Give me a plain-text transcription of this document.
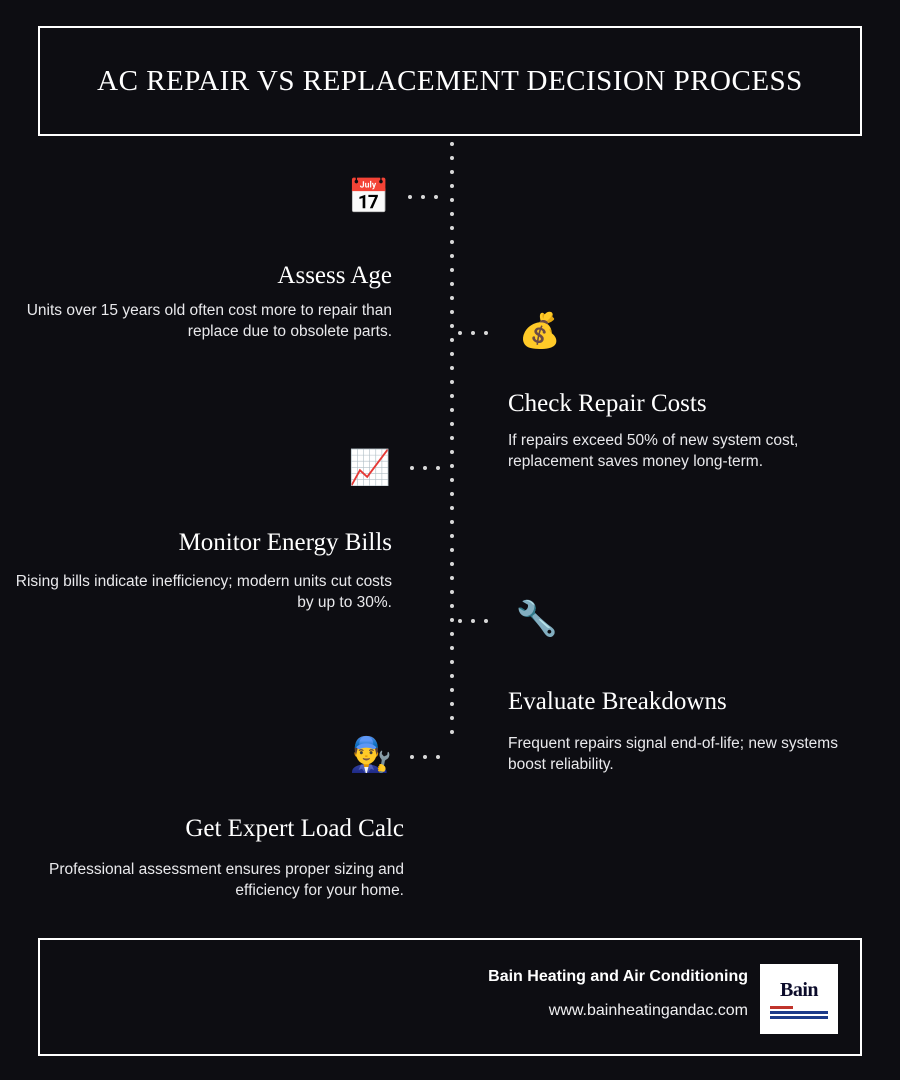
AC REPAIR VS REPLACEMENT DECISION PROCESS
📅
Assess Age
Units over 15 years old often cost more to repair than replace due to obsolete parts.	💰
Check Repair Costs
If repairs exceed 50% of new system cost, replacement saves money long-term.
📈
Monitor Energy Bills
Rising bills indicate inefficiency; modern units cut costs by up to 30%.	🔧
Evaluate Breakdowns
Frequent repairs signal end-of-life; new systems boost reliability.
👨‍🔧
Get Expert Load Calc
Professional assessment ensures proper sizing and efficiency for your home.
Bain Heating and Air Conditioning
www.bainheatingandac.com
Bain
